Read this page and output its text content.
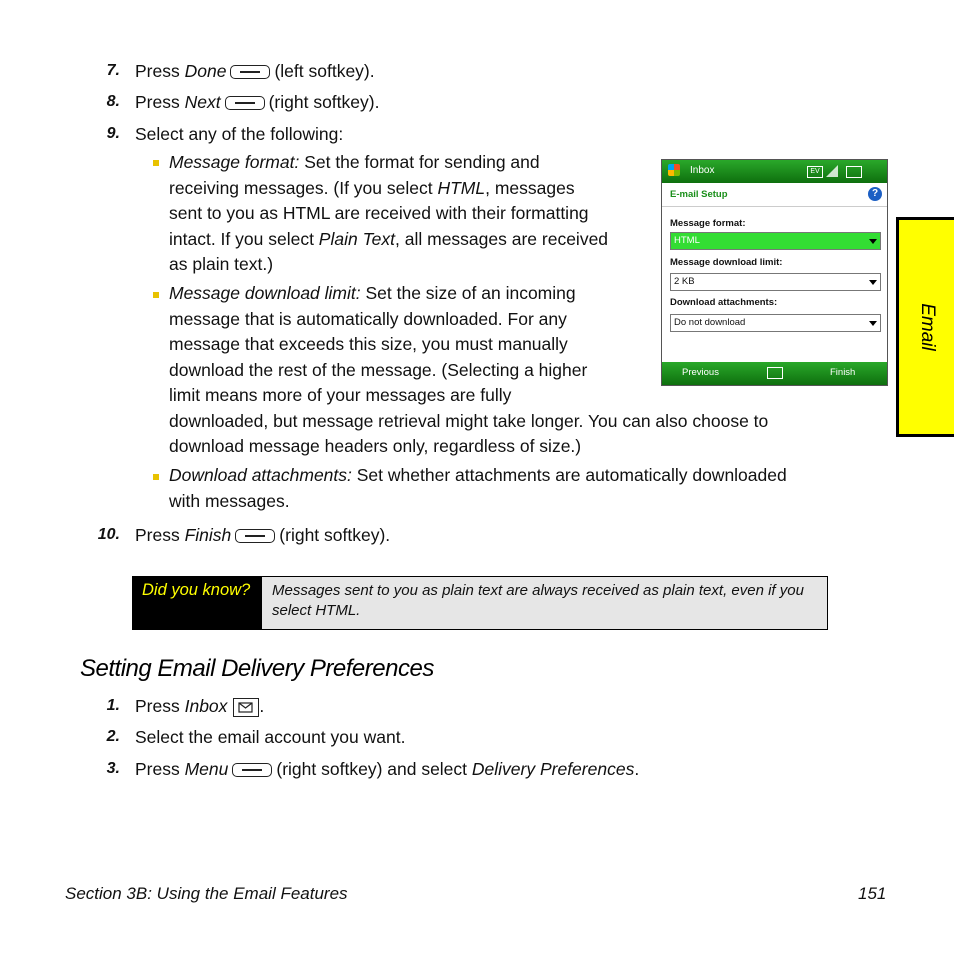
7. Press Done	(left softkey).
8. Press Next	(right softkey).
9. Select any of the following:
Message format: Set the format for sending and
receiving messages. (If you select HTML, messages
sent to you as HTML are received with their formatting
intact. If you select Plain Text, all messages are received
as plain text.)
Message download limit: Set the size of an incoming
message that is automatically downloaded. For any
message that exceeds this size, you must manually
download the rest of the message. (Selecting a higher
limit means more of your messages are fully
downloaded, but message retrieval might take longer. You can also choose to
download message headers only, regardless of size.)
Download attachments: Set whether attachments are automatically downloaded
with messages.
10. Press Finish	(right softkey).
Inbox	EV
E-mail Setup	?
Message format:
HTML
Message download limit:
2 KB
Download attachments:
Do not download
Previous	Finish
Email
Did you know? Messages sent to you as plain text are always received as plain text, even if you select HTML.
Setting Email Delivery Preferences
1. Press Inbox .
2. Select the email account you want.
3. Press Menu	(right softkey) and select Delivery Preferences.
Section 3B: Using the Email Features	151
